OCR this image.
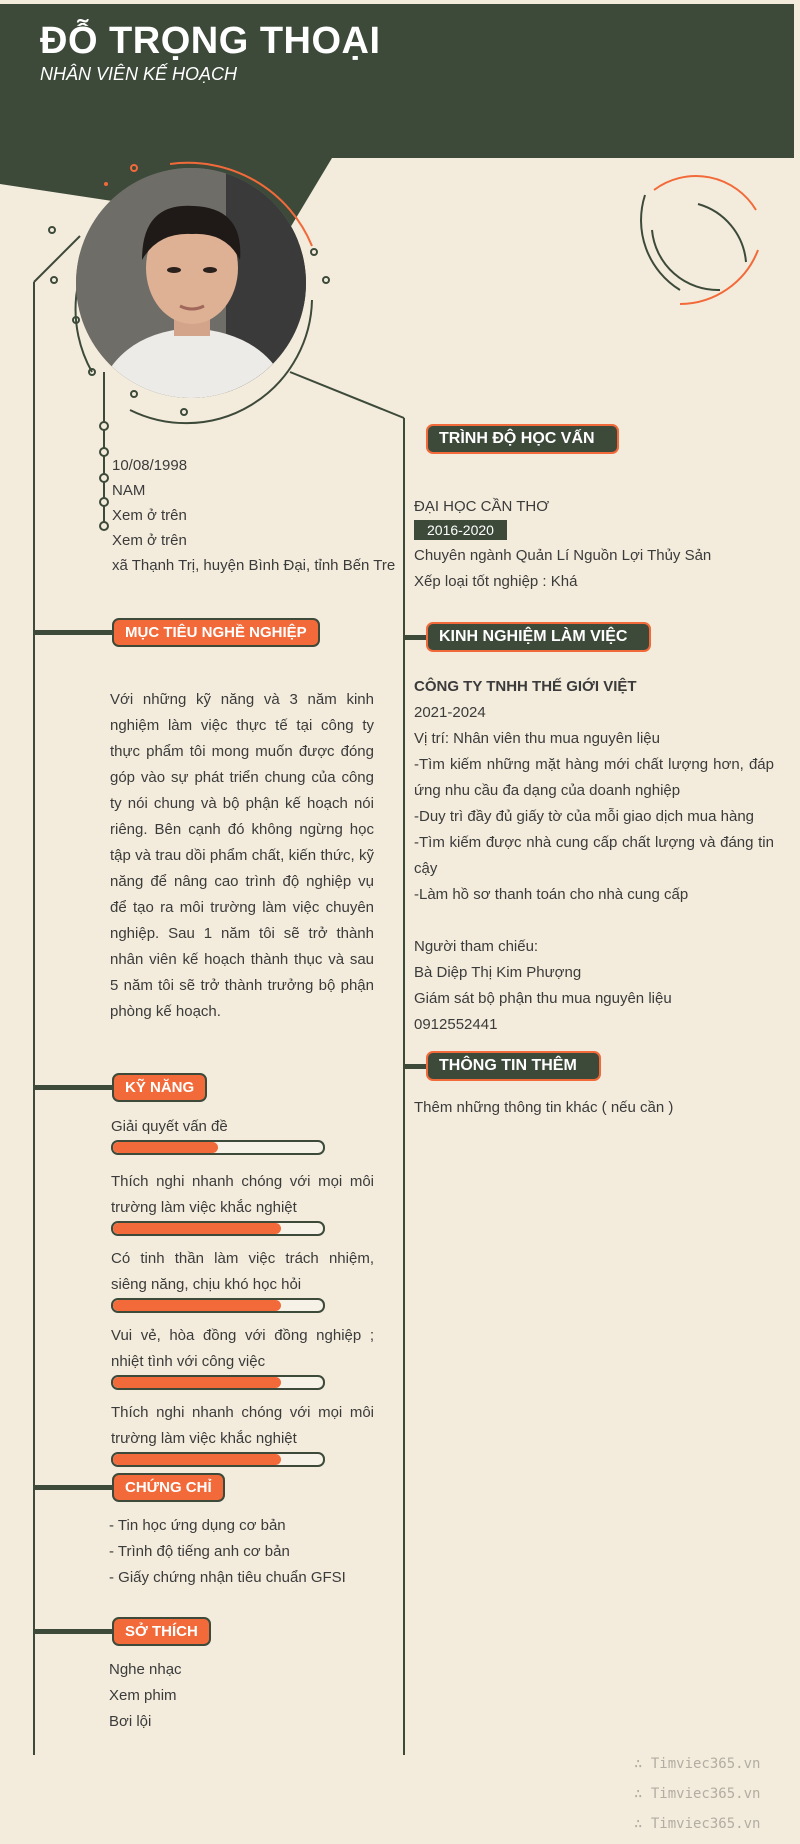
ĐỖ TRỌNG THOẠI
NHÂN VIÊN KẾ HOẠCH
10/08/1998
NAM
Xem ở trên
Xem ở trên
xã Thạnh Trị, huyện Bình Đại, tỉnh Bến Tre
MỤC TIÊU NGHỀ NGHIỆP
Với những kỹ năng và 3 năm kinh nghiệm làm việc thực tế tại công ty thực phẩm tôi mong muốn được đóng góp vào sự phát triển chung của công ty nói chung và bộ phận kế hoạch nói riêng. Bên cạnh đó không ngừng học tập và trau dồi phẩm chất, kiến thức, kỹ năng để nâng cao trình độ nghiệp vụ để tạo ra môi trường làm việc chuyên nghiệp. Sau 1 năm tôi sẽ trở thành nhân viên kế hoạch thành thục và sau 5 năm tôi sẽ trở thành trưởng bộ phận phòng kế hoạch.
KỸ NĂNG
Giải quyết vấn đề
Thích nghi nhanh chóng với mọi môi trường làm việc khắc nghiệt
Có tinh thần làm việc trách nhiệm, siêng năng, chịu khó học hỏi
Vui vẻ, hòa đồng với đồng nghiệp ; nhiệt tình với công việc
Thích nghi nhanh chóng với mọi môi trường làm việc khắc nghiệt
CHỨNG CHỈ
- Tin học ứng dụng cơ bản
- Trình độ tiếng anh cơ bản
- Giấy chứng nhận tiêu chuẩn GFSI
SỞ THÍCH
Nghe nhạc
Xem phim
Bơi lội
TRÌNH ĐỘ HỌC VẤN
ĐẠI HỌC CẦN THƠ
2016-2020
Chuyên ngành Quản Lí Nguồn Lợi Thủy Sản
Xếp loại tốt nghiệp : Khá
KINH NGHIỆM LÀM VIỆC
CÔNG TY TNHH THẾ GIỚI VIỆT
2021-2024
Vị trí: Nhân viên thu mua nguyên liệu
-Tìm kiếm những mặt hàng mới chất lượng hơn, đáp ứng nhu cầu đa dạng của doanh nghiệp
-Duy trì đầy đủ giấy tờ của mỗi giao dịch mua hàng
-Tìm kiếm được nhà cung cấp chất lượng và đáng tin cậy
-Làm hồ sơ thanh toán cho nhà cung cấp
Người tham chiếu:
Bà Diệp Thị Kim Phượng
Giám sát bộ phận thu mua nguyên liệu
0912552441
THÔNG TIN THÊM
Thêm những thông tin khác ( nếu cần )
∴ Timviec365.vn
∴ Timviec365.vn
∴ Timviec365.vn
